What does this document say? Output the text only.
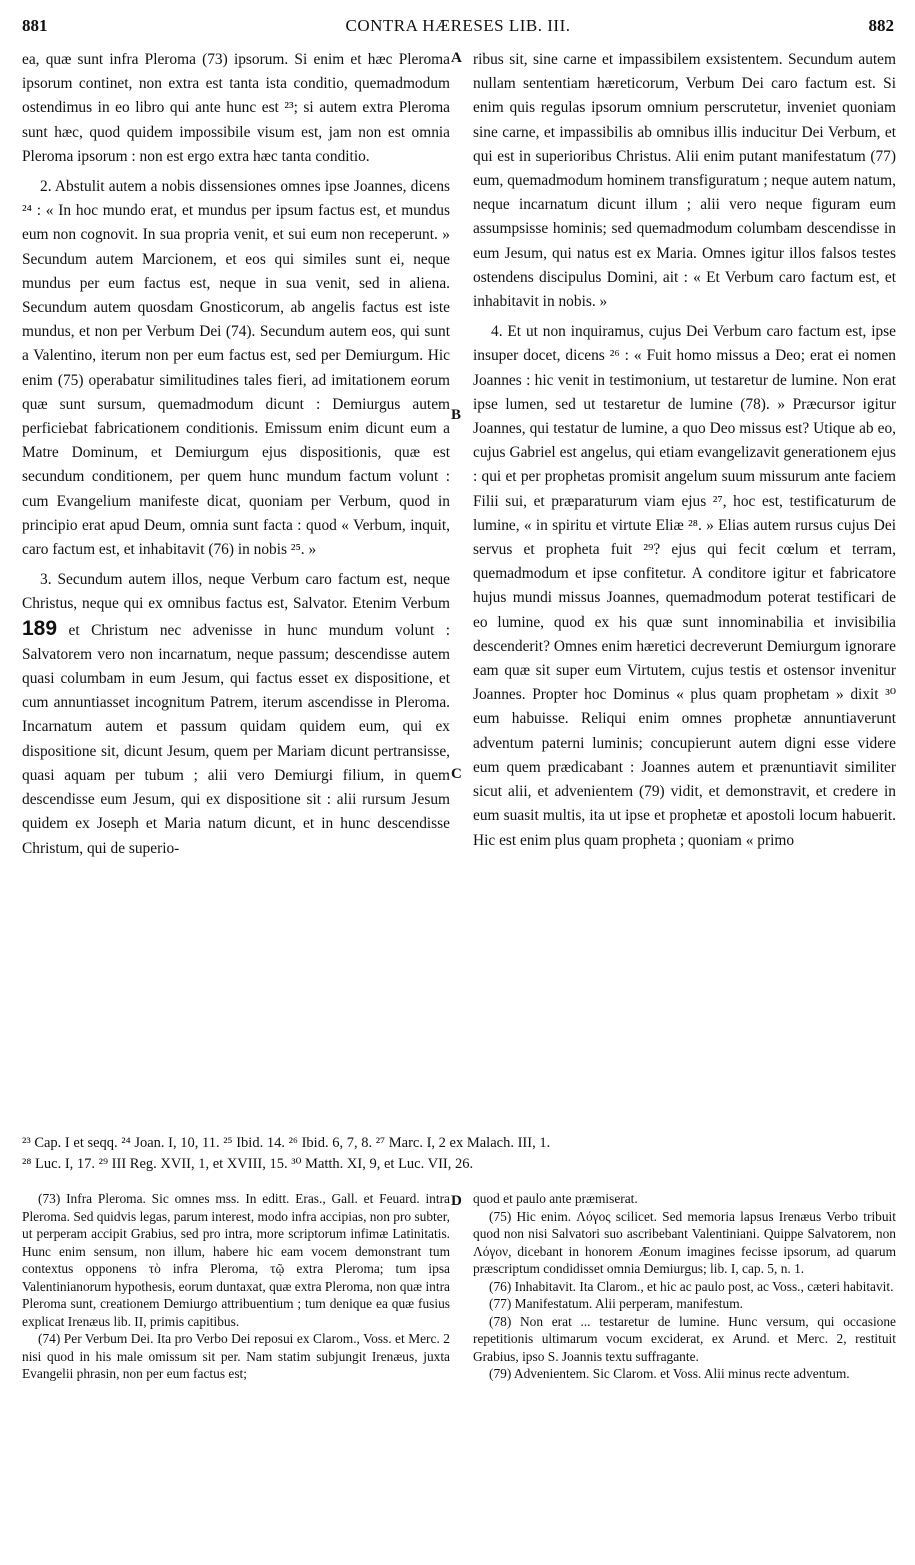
881	CONTRA HÆRESES LIB. III.	882
A
B
C
D

ea, quæ sunt infra Pleroma (73) ipsorum. Si enim et hæc Pleroma ipsorum continet, non extra est tanta ista conditio, quemadmodum ostendimus in eo libro qui ante hunc est ²³; si autem extra Pleroma sunt hæc, quod quidem impossibile visum est, jam non est omnia Pleroma ipsorum : non est ergo extra hæc tanta conditio.

2. Abstulit autem a nobis dissensiones omnes ipse Joannes, dicens ²⁴ : « In hoc mundo erat, et mundus per ipsum factus est, et mundus eum non cognovit. In sua propria venit, et sui eum non receperunt. » Secundum autem Marcionem, et eos qui similes sunt ei, neque mundus per eum factus est, neque in sua venit, sed in aliena. Secundum autem quosdam Gnosticorum, ab angelis factus est iste mundus, et non per Verbum Dei (74). Secundum autem eos, qui sunt a Valentino, iterum non per eum factus est, sed per Demiurgum. Hic enim (75) operabatur similitudines tales fieri, ad imitationem eorum quæ sunt sursum, quemadmodum dicunt : Demiurgus autem perficiebat fabricationem conditionis. Emissum enim dicunt eum a Matre Dominum, et Demiurgum ejus dispositionis, quæ est secundum conditionem, per quem hunc mundum factum volunt : cum Evangelium manifeste dicat, quoniam per Verbum, quod in principio erat apud Deum, omnia sunt facta : quod « Verbum, inquit, caro factum est, et inhabitavit (76) in nobis ²⁵. »

3. Secundum autem illos, neque Verbum caro factum est, neque Christus, neque qui ex omnibus factus est, Salvator. Etenim Verbum 189 et Christum nec advenisse in hunc mundum volunt : Salvatorem vero non incarnatum, neque passum; descendisse autem quasi columbam in eum Jesum, qui factus esset ex dispositione, et cum annuntiasset incognitum Patrem, iterum ascendisse in Pleroma. Incarnatum autem et passum quidam quidem eum, qui ex dispositione sit, dicunt Jesum, quem per Mariam dicunt pertransisse, quasi aquam per tubum ; alii vero Demiurgi filium, in quem descendisse eum Jesum, qui ex dispositione sit : alii rursum Jesum quidem ex Joseph et Maria natum dicunt, et in hunc descendisse Christum, qui de superio-

ribus sit, sine carne et impassibilem exsistentem. Secundum autem nullam sententiam hæreticorum, Verbum Dei caro factum est. Si enim quis regulas ipsorum omnium perscrutetur, inveniet quoniam sine carne, et impassibilis ab omnibus illis inducitur Dei Verbum, et qui est in superioribus Christus. Alii enim putant manifestatum (77) eum, quemadmodum hominem transfiguratum ; neque autem natum, neque incarnatum dicunt illum ; alii vero neque figuram eum assumpsisse hominis; sed quemadmodum columbam descendisse in eum Jesum, qui natus est ex Maria. Omnes igitur illos falsos testes ostendens discipulus Domini, ait : « Et Verbum caro factum est, et inhabitavit in nobis. »

4. Et ut non inquiramus, cujus Dei Verbum caro factum est, ipse insuper docet, dicens ²⁶ : « Fuit homo missus a Deo; erat ei nomen Joannes : hic venit in testimonium, ut testaretur de lumine. Non erat ipse lumen, sed ut testaretur de lumine (78). » Præcursor igitur Joannes, qui testatur de lumine, a quo Deo missus est? Utique ab eo, cujus Gabriel est angelus, qui etiam evangelizavit generationem ejus : qui et per prophetas promisit angelum suum missurum ante faciem Filii sui, et præparaturum viam ejus ²⁷, hoc est, testificaturum de lumine, « in spiritu et virtute Eliæ ²⁸. » Elias autem rursus cujus Dei servus et propheta fuit ²⁹? ejus qui fecit cœlum et terram, quemadmodum et ipse confitetur. A conditore igitur et fabricatore hujus mundi missus Joannes, quemadmodum poterat testificari de eo lumine, quod ex his quæ sunt innominabilia et invisibilia descenderit? Omnes enim hæretici decreverunt Demiurgum ignorare eam quæ sit super eum Virtutem, cujus testis et ostensor invenitur Joannes. Propter hoc Dominus « plus quam prophetam » dixit ³⁰ eum habuisse. Reliqui enim omnes prophetæ annuntiaverunt adventum paterni luminis; concupierunt autem digni esse videre eum quem prædicabant : Joannes autem et prænuntiavit similiter sicut alii, et advenientem (79) vidit, et demonstravit, et credere in eum suasit multis, ita ut ipse et prophetæ et apostoli locum habuerit. Hic est enim plus quam propheta ; quoniam « primo

²³ Cap. I et seqq. ²⁴ Joan. I, 10, 11. ²⁵ Ibid. 14. ²⁶ Ibid. 6, 7, 8. ²⁷ Marc. I, 2 ex Malach. III, 1.
²⁸ Luc. I, 17. ²⁹ III Reg. XVII, 1, et XVIII, 15. ³⁰ Matth. XI, 9, et Luc. VII, 26.

(73) Infra Pleroma. Sic omnes mss. In editt. Eras., Gall. et Feuard. intra Pleroma. Sed quidvis legas, parum interest, modo infra accipias, non pro subter, ut perperam accipit Grabius, sed pro intra, more scriptorum infimæ Latinitatis. Hunc enim sensum, non illum, habere hic eam vocem demonstrant tum contextus opponens τὸ infra Pleroma, τῷ extra Pleroma; tum ipsa Valentinianorum hypothesis, eorum duntaxat, quæ extra Pleroma, non quæ intra Pleroma sunt, creationem Demiurgo attribuentium ; tum denique ea quæ fusius explicat Irenæus lib. II, primis capitibus.

(74) Per Verbum Dei. Ita pro Verbo Dei reposui ex Clarom., Voss. et Merc. 2 nisi quod in his male omissum sit per. Nam statim subjungit Irenæus, juxta Evangelii phrasin, non per eum factus est;

quod et paulo ante præmiserat.

(75) Hic enim. Λόγος scilicet. Sed memoria lapsus Irenæus Verbo tribuit quod non nisi Salvatori suo ascribebant Valentiniani. Quippe Salvatorem, non Λόγον, dicebant in honorem Æonum imagines fecisse ipsorum, ad quarum præscriptum condidisset omnia Demiurgus; lib. I, cap. 5, n. 1.

(76) Inhabitavit. Ita Clarom., et hic ac paulo post, ac Voss., cæteri habitavit.

(77) Manifestatum. Alii perperam, manifestum.

(78) Non erat ... testaretur de lumine. Hunc versum, qui occasione repetitionis ultimarum vocum exciderat, ex Arund. et Merc. 2, restituit Grabius, ipso S. Joannis textu suffragante.

(79) Advenientem. Sic Clarom. et Voss. Alii minus recte adventum.
